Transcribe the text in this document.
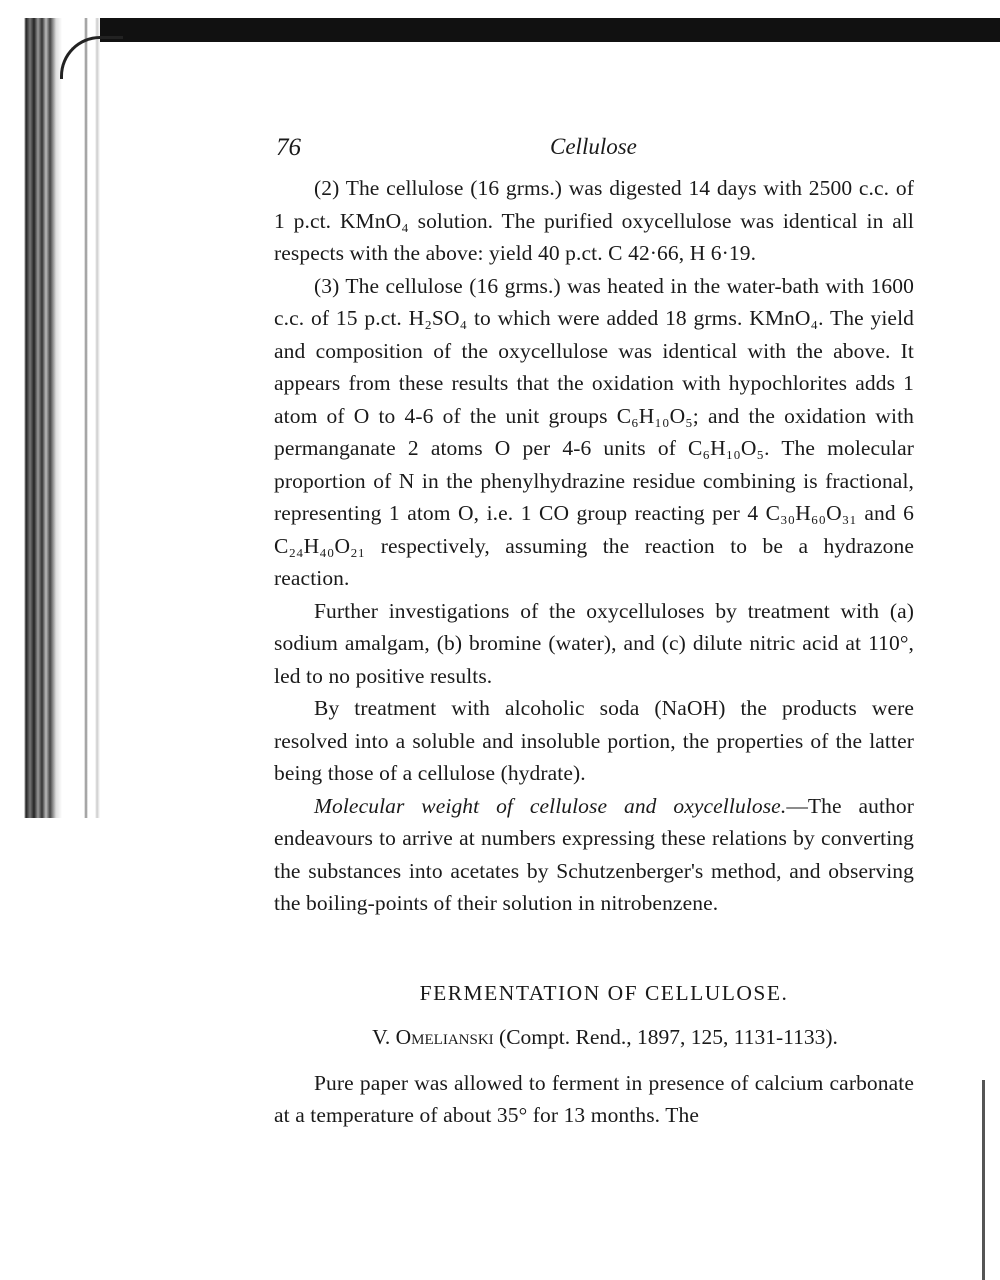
76	Cellulose

(2) The cellulose (16 grms.) was digested 14 days with 2500 c.c. of 1 p.ct. KMnO₄ solution. The purified oxycellulose was identical in all respects with the above: yield 40 p.ct. C 42·66, H 6·19.

(3) The cellulose (16 grms.) was heated in the water-bath with 1600 c.c. of 15 p.ct. H₂SO₄ to which were added 18 grms. KMnO₄. The yield and composition of the oxycellulose was identical with the above. It appears from these results that the oxidation with hypochlorites adds 1 atom of O to 4-6 of the unit groups C₆H₁₀O₅; and the oxidation with permanganate 2 atoms O per 4-6 units of C₆H₁₀O₅. The molecular proportion of N in the phenylhydrazine residue combining is fractional, representing 1 atom O, i.e. 1 CO group reacting per 4 C₃₀H₆₀O₃₁ and 6 C₂₄H₄₀O₂₁ respectively, assuming the reaction to be a hydrazone reaction.

Further investigations of the oxycelluloses by treatment with (a) sodium amalgam, (b) bromine (water), and (c) dilute nitric acid at 110°, led to no positive results.

By treatment with alcoholic soda (NaOH) the products were resolved into a soluble and insoluble portion, the properties of the latter being those of a cellulose (hydrate).

Molecular weight of cellulose and oxycellulose.—The author endeavours to arrive at numbers expressing these relations by converting the substances into acetates by Schutzenberger's method, and observing the boiling-points of their solution in nitrobenzene.

FERMENTATION OF CELLULOSE.
V. Omelianski (Compt. Rend., 1897, 125, 1131-1133).

Pure paper was allowed to ferment in presence of calcium carbonate at a temperature of about 35° for 13 months. The
